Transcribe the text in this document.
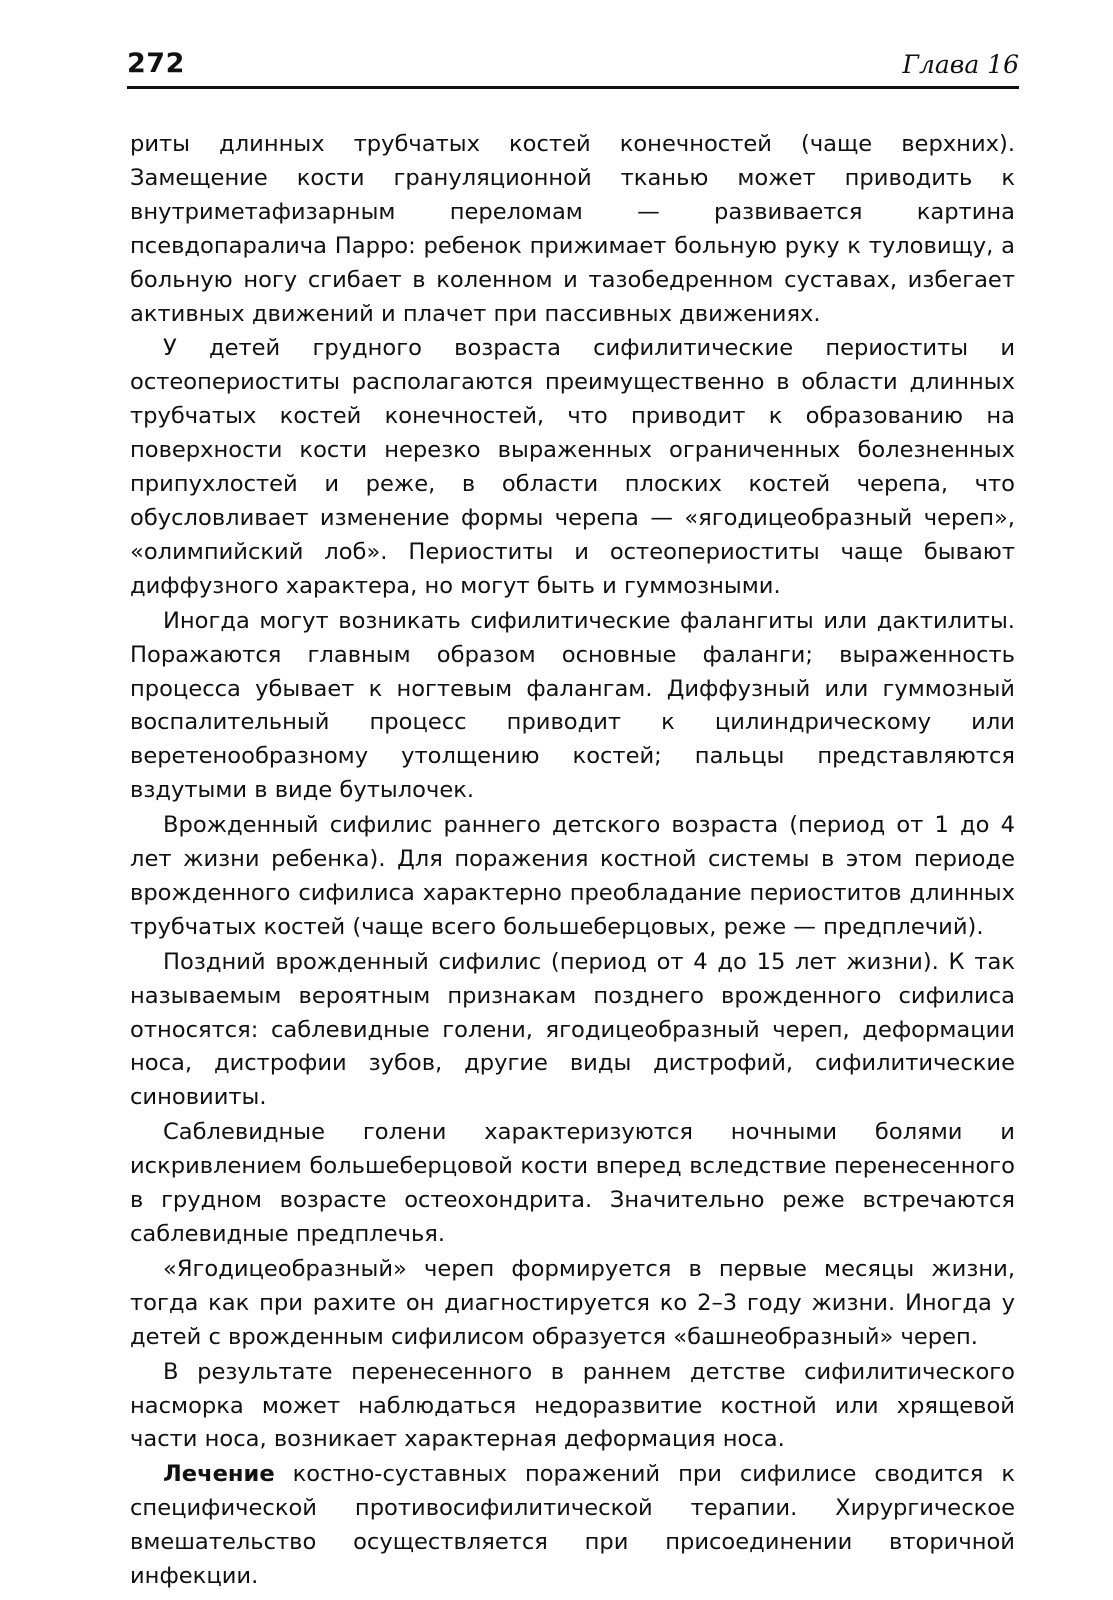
272	Глава 16

риты длинных трубчатых костей конечностей (чаще верхних). Замещение кости грануляционной тканью может приводить к внутриметафизарным переломам — развивается картина псевдопаралича Парро: ребенок прижимает больную руку к туловищу, а больную ногу сгибает в коленном и тазобедренном суставах, избегает активных движений и плачет при пассивных движениях.

У детей грудного возраста сифилитические периоститы и остеопериоститы располагаются преимущественно в области длинных трубчатых костей конечностей, что приводит к образованию на поверхности кости нерезко выраженных ограниченных болезненных припухлостей и реже, в области плоских костей черепа, что обусловливает изменение формы черепа — «ягодицеобразный череп», «олимпийский лоб». Периоститы и остеопериоститы чаще бывают диффузного характера, но могут быть и гуммозными.

Иногда могут возникать сифилитические фалангиты или дактилиты. Поражаются главным образом основные фаланги; выраженность процесса убывает к ногтевым фалангам. Диффузный или гуммозный воспалительный процесс приводит к цилиндрическому или веретенообразному утолщению костей; пальцы представляются вздутыми в виде бутылочек.

Врожденный сифилис раннего детского возраста (период от 1 до 4 лет жизни ребенка). Для поражения костной системы в этом периоде врожденного сифилиса характерно преобладание периоститов длинных трубчатых костей (чаще всего большеберцовых, реже — предплечий).

Поздний врожденный сифилис (период от 4 до 15 лет жизни). К так называемым вероятным признакам позднего врожденного сифилиса относятся: саблевидные голени, ягодицеобразный череп, деформации носа, дистрофии зубов, другие виды дистрофий, сифилитические синовииты.

Саблевидные голени характеризуются ночными болями и искривлением большеберцовой кости вперед вследствие перенесенного в грудном возрасте остеохондрита. Значительно реже встречаются саблевидные предплечья.

«Ягодицеобразный» череп формируется в первые месяцы жизни, тогда как при рахите он диагностируется ко 2–3 году жизни. Иногда у детей с врожденным сифилисом образуется «башнеобразный» череп.

В результате перенесенного в раннем детстве сифилитического насморка может наблюдаться недоразвитие костной или хрящевой части носа, возникает характерная деформация носа.

Лечение костно-суставных поражений при сифилисе сводится к специфической противосифилитической терапии. Хирургическое вмешательство осуществляется при присоединении вторичной инфекции.
